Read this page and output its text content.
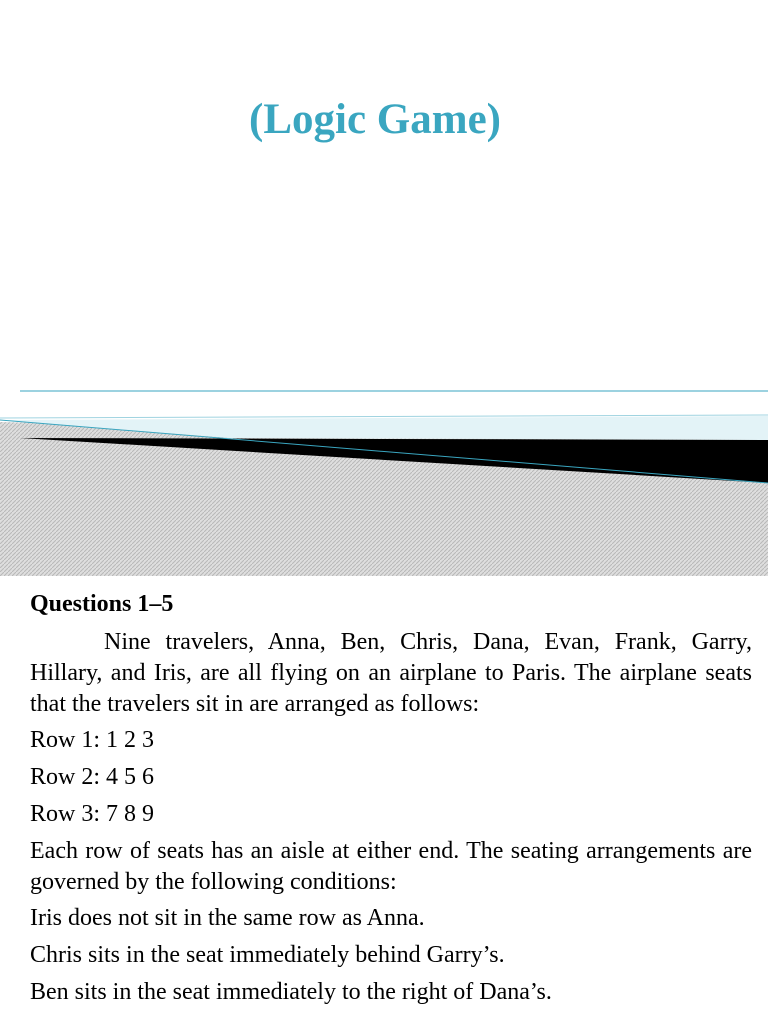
(Logic Game)
Questions 1–5
Nine travelers, Anna, Ben, Chris, Dana, Evan, Frank, Garry, Hillary, and Iris, are all flying on an airplane to Paris. The airplane seats that the travelers sit in are arranged as follows:
Row 1: 1 2 3
Row 2: 4 5 6
Row 3: 7 8 9
Each row of seats has an aisle at either end. The seating arrangements are governed by the following conditions:
Iris does not sit in the same row as Anna.
Chris sits in the seat immediately behind Garry’s.
Ben sits in the seat immediately to the right of Dana’s.
